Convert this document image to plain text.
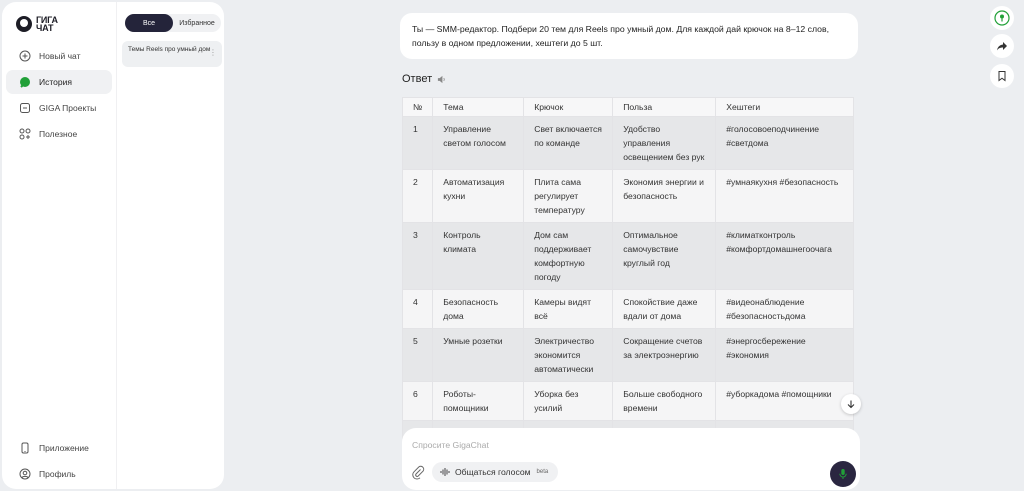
ГИГА
ЧАТ
Новый чат
История
GIGA Проекты
Полезное
Приложение
Профиль
Все	Избранное
Темы Reels про умный дом
⋮
Ты — SMM-редактор. Подбери 20 тем для Reels про умный дом. Для каждой дай крючок на 8–12 слов, пользу в одном предложении, хештеги до 5 шт.
Ответ
№	Тема	Крючок	Польза	Хештеги
1	Управление светом голосом	Свет включается по команде	Удобство управления освещением без рук	#голосовоеподчинение #светдома
2	Автоматизация кухни	Плита сама регулирует температуру	Экономия энергии и безопасность	#умнаякухня #безопасность
3	Контроль климата	Дом сам поддерживает комфортную погоду	Оптимальное самочувствие круглый год	#климатконтроль #комфортдомашнегоочага
4	Безопасность дома	Камеры видят всё	Спокойствие даже вдали от дома	#видеонаблюдение #безопасностьдома
5	Умные розетки	Электричество экономится автоматически	Сокращение счетов за электроэнергию	#энергосбережение #экономия
6	Роботы-помощники	Уборка без усилий	Больше свободного времени	#уборкадома #помощники

Спросите GigaChat
Общаться голосом beta
